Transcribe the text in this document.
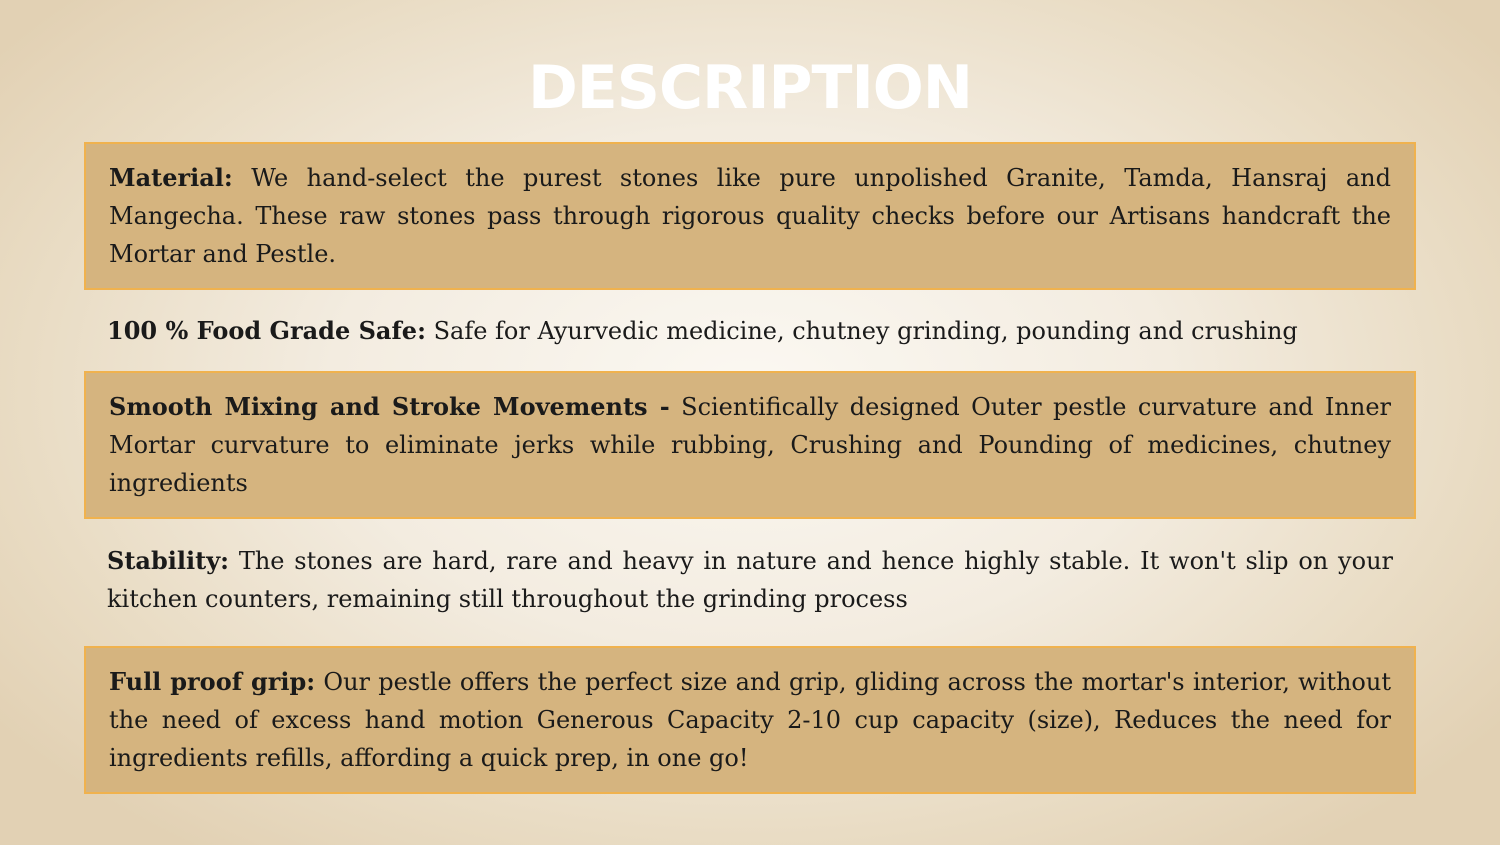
DESCRIPTION

Material: We hand-select the purest stones like pure unpolished Granite, Tamda, Hansraj and Mangecha. These raw stones pass through rigorous quality checks before our Artisans handcraft the Mortar and Pestle.

100 % Food Grade Safe: Safe for Ayurvedic medicine, chutney grinding, pounding and crushing

Smooth Mixing and Stroke Movements - Scientifically designed Outer pestle curvature and Inner Mortar curvature to eliminate jerks while rubbing, Crushing and Pounding of medicines, chutney ingredients

Stability: The stones are hard, rare and heavy in nature and hence highly stable. It won't slip on your kitchen counters, remaining still throughout the grinding process

Full proof grip: Our pestle offers the perfect size and grip, gliding across the mortar's interior, without the need of excess hand motion Generous Capacity 2-10 cup capacity (size), Reduces the need for ingredients refills, affording a quick prep, in one go!
